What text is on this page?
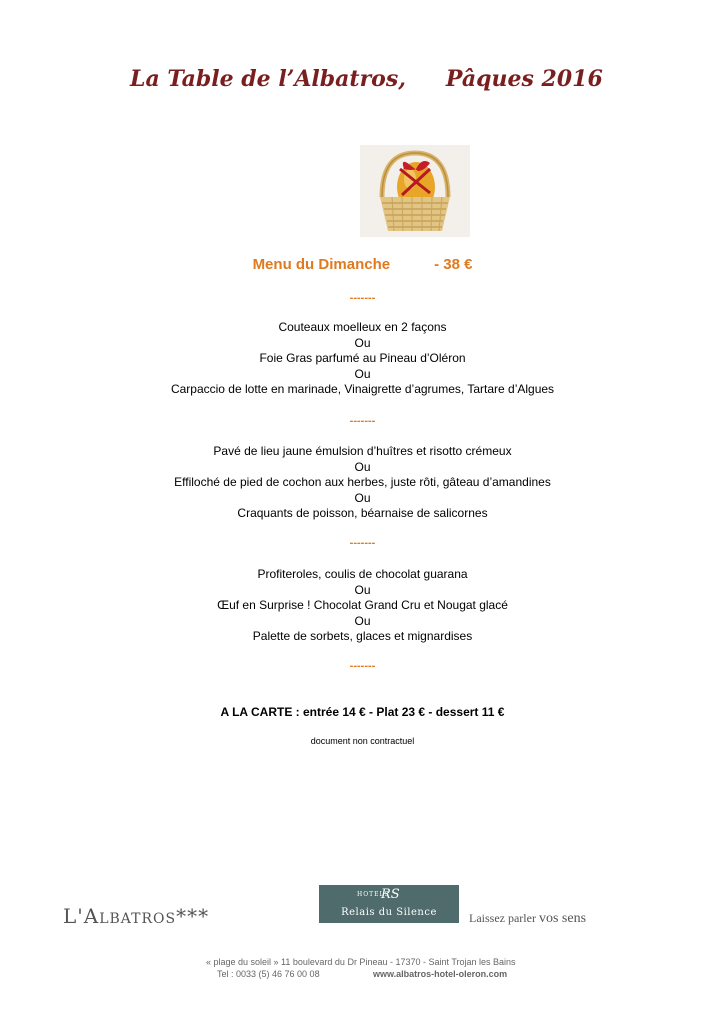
La Table de l’Albatros, Pâques 2016
Menu du Dimanche	- 38 €
-------
Couteaux moelleux en 2 façons
Ou
Foie Gras parfumé au Pineau d’Oléron
Ou
Carpaccio de lotte en marinade, Vinaigrette d’agrumes, Tartare d’Algues
-------
Pavé de lieu jaune émulsion d’huîtres et risotto crémeux
Ou
Effiloché de pied de cochon aux herbes, juste rôti, gâteau d’amandines
Ou
Craquants de poisson, béarnaise de salicornes
-------
Profiteroles, coulis de chocolat guarana
Ou
Œuf en Surprise ! Chocolat Grand Cru et Nougat glacé
Ou
Palette de sorbets, glaces et mignardises
-------
A LA CARTE : entrée 14 € - Plat 23 € - dessert 11 €
document non contractuel
L'Albatros***
HOTELS
RS
Relais du Silence	Laissez parler vos sens
« plage du soleil » 11 boulevard du Dr Pineau - 17370 - Saint Trojan les Bains
Tel : 0033 (5) 46 76 00 08	www.albatros-hotel-oleron.com
